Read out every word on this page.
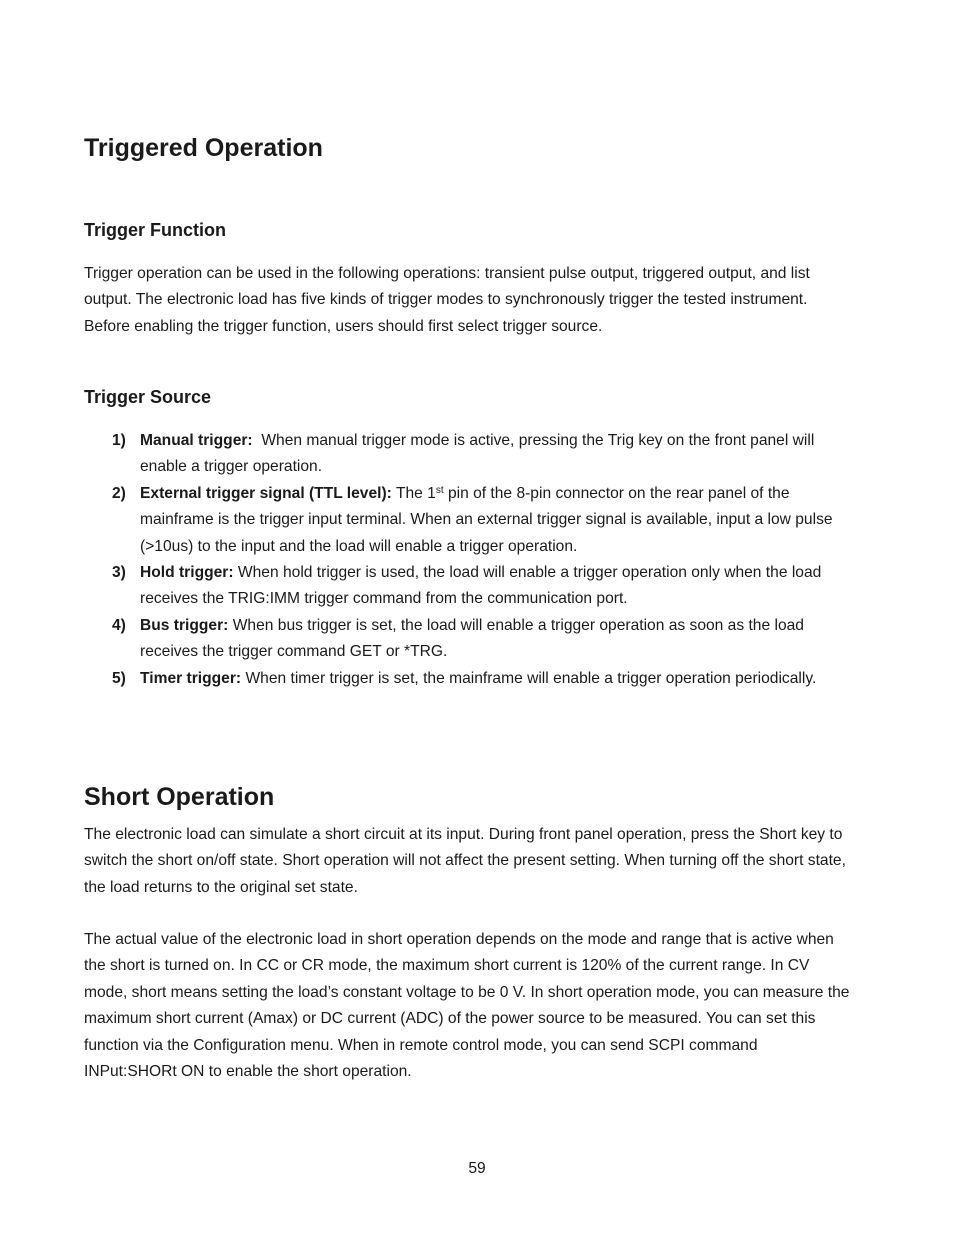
Triggered Operation
Trigger Function

Trigger operation can be used in the following operations: transient pulse output, triggered output, and list output. The electronic load has five kinds of trigger modes to synchronously trigger the tested instrument. Before enabling the trigger function, users should first select trigger source.

Trigger Source
1) Manual trigger: When manual trigger mode is active, pressing the Trig key on the front panel will enable a trigger operation.
2) External trigger signal (TTL level): The 1st pin of the 8-pin connector on the rear panel of the mainframe is the trigger input terminal. When an external trigger signal is available, input a low pulse (>10us) to the input and the load will enable a trigger operation.
3) Hold trigger: When hold trigger is used, the load will enable a trigger operation only when the load receives the TRIG:IMM trigger command from the communication port.
4) Bus trigger: When bus trigger is set, the load will enable a trigger operation as soon as the load receives the trigger command GET or *TRG.
5) Timer trigger: When timer trigger is set, the mainframe will enable a trigger operation periodically.
Short Operation

The electronic load can simulate a short circuit at its input. During front panel operation, press the Short key to switch the short on/off state. Short operation will not affect the present setting. When turning off the short state, the load returns to the original set state.

The actual value of the electronic load in short operation depends on the mode and range that is active when the short is turned on. In CC or CR mode, the maximum short current is 120% of the current range. In CV mode, short means setting the load’s constant voltage to be 0 V. In short operation mode, you can measure the maximum short current (Amax) or DC current (ADC) of the power source to be measured. You can set this function via the Configuration menu. When in remote control mode, you can send SCPI command INPut:SHORt ON to enable the short operation.

59
